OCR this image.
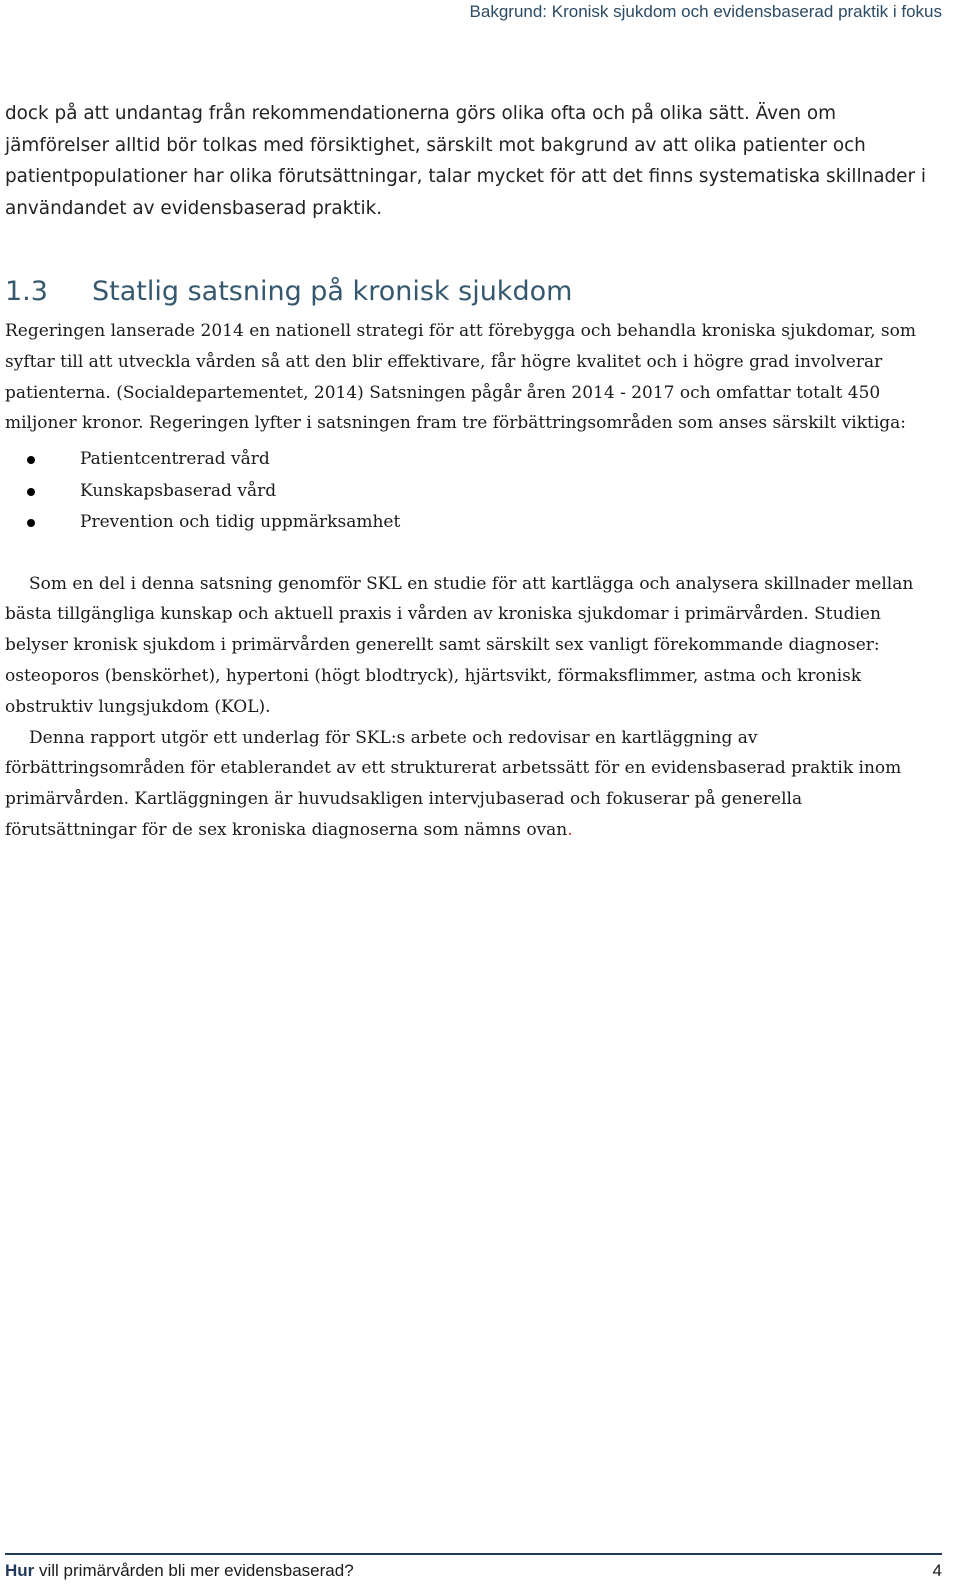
Bakgrund: Kronisk sjukdom och evidensbaserad praktik i fokus

dock på att undantag från rekommendationerna görs olika ofta och på olika sätt. Även om jämförelser alltid bör tolkas med försiktighet, särskilt mot bakgrund av att olika patienter och patientpopulationer har olika förutsättningar, talar mycket för att det finns systematiska skillnader i användandet av evidensbaserad praktik.

1.3 Statlig satsning på kronisk sjukdom

Regeringen lanserade 2014 en nationell strategi för att förebygga och behandla kroniska sjukdomar, som syftar till att utveckla vården så att den blir effektivare, får högre kvalitet och i högre grad involverar patienterna. (Socialdepartementet, 2014) Satsningen pågår åren 2014 - 2017 och omfattar totalt 450 miljoner kronor. Regeringen lyfter i satsningen fram tre förbättringsområden som anses särskilt viktiga:

Patientcentrerad vård
Kunskapsbaserad vård
Prevention och tidig uppmärksamhet

Som en del i denna satsning genomför SKL en studie för att kartlägga och analysera skillnader mellan bästa tillgängliga kunskap och aktuell praxis i vården av kroniska sjukdomar i primärvården. Studien belyser kronisk sjukdom i primärvården generellt samt särskilt sex vanligt förekommande diagnoser: osteoporos (benskörhet), hypertoni (högt blodtryck), hjärtsvikt, förmaksflimmer, astma och kronisk obstruktiv lungsjukdom (KOL).

Denna rapport utgör ett underlag för SKL:s arbete och redovisar en kartläggning av förbättringsområden för etablerandet av ett strukturerat arbetssätt för en evidensbaserad praktik inom primärvården. Kartläggningen är huvudsakligen intervjubaserad och fokuserar på generella förutsättningar för de sex kroniska diagnoserna som nämns ovan.

Hur vill primärvården bli mer evidensbaserad?	4
